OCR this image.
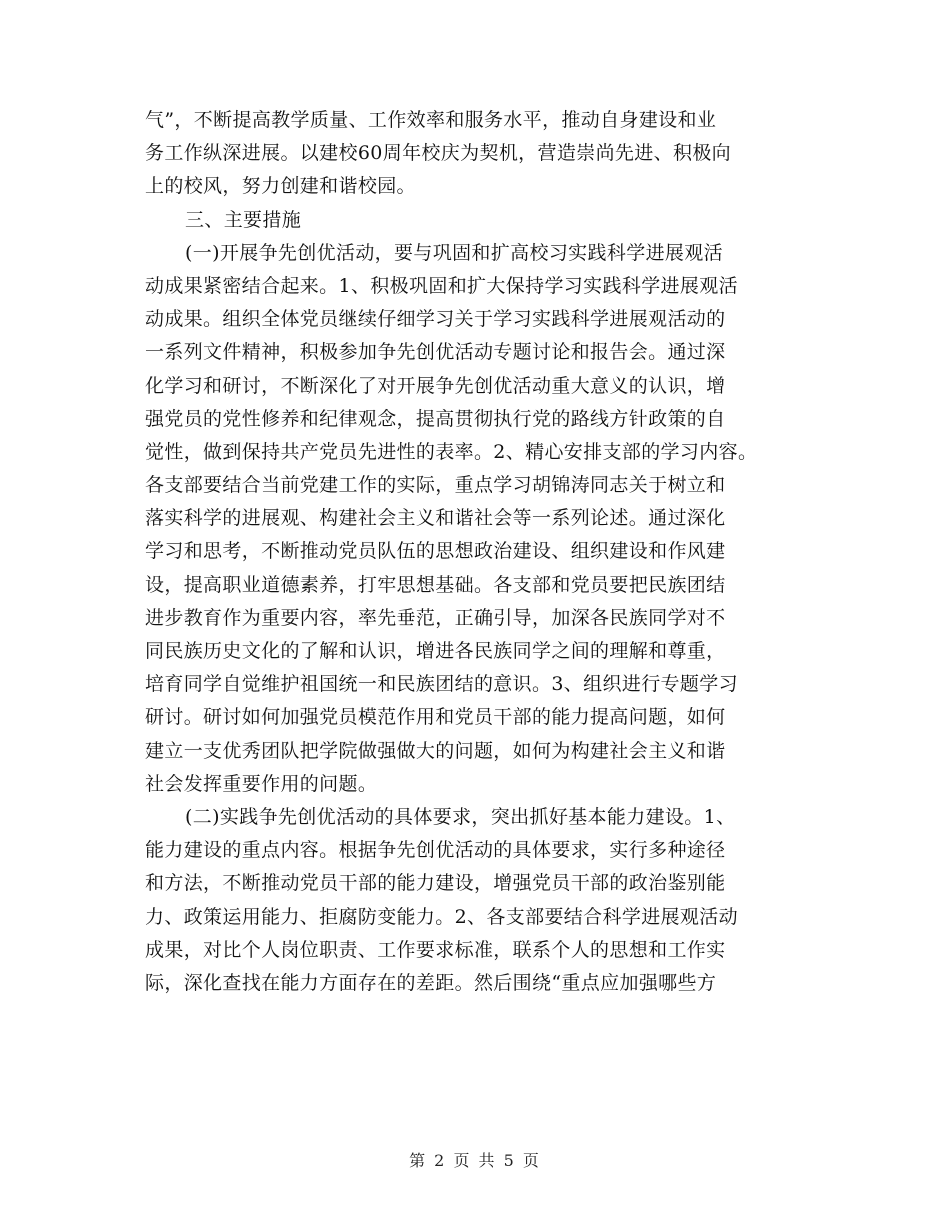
气”，不断提高教学质量、工作效率和服务水平，推动自身建设和业
务工作纵深进展。以建校60周年校庆为契机，营造崇尚先进、积极向
上的校风，努力创建和谐校园。
三、主要措施
(一)开展争先创优活动，要与巩固和扩高校习实践科学进展观活
动成果紧密结合起来。1、积极巩固和扩大保持学习实践科学进展观活
动成果。组织全体党员继续仔细学习关于学习实践科学进展观活动的
一系列文件精神，积极参加争先创优活动专题讨论和报告会。通过深
化学习和研讨，不断深化了对开展争先创优活动重大意义的认识，增
强党员的党性修养和纪律观念，提高贯彻执行党的路线方针政策的自
觉性，做到保持共产党员先进性的表率。2、精心安排支部的学习内容。
各支部要结合当前党建工作的实际，重点学习胡锦涛同志关于树立和
落实科学的进展观、构建社会主义和谐社会等一系列论述。通过深化
学习和思考，不断推动党员队伍的思想政治建设、组织建设和作风建
设，提高职业道德素养，打牢思想基础。各支部和党员要把民族团结
进步教育作为重要内容，率先垂范，正确引导，加深各民族同学对不
同民族历史文化的了解和认识，增进各民族同学之间的理解和尊重，
培育同学自觉维护祖国统一和民族团结的意识。3、组织进行专题学习
研讨。研讨如何加强党员模范作用和党员干部的能力提高问题，如何
建立一支优秀团队把学院做强做大的问题，如何为构建社会主义和谐
社会发挥重要作用的问题。
(二)实践争先创优活动的具体要求，突出抓好基本能力建设。1、
能力建设的重点内容。根据争先创优活动的具体要求，实行多种途径
和方法，不断推动党员干部的能力建设，增强党员干部的政治鉴别能
力、政策运用能力、拒腐防变能力。2、各支部要结合科学进展观活动
成果，对比个人岗位职责、工作要求标准，联系个人的思想和工作实
际，深化查找在能力方面存在的差距。然后围绕“重点应加强哪些方
第 2 页 共 5 页
